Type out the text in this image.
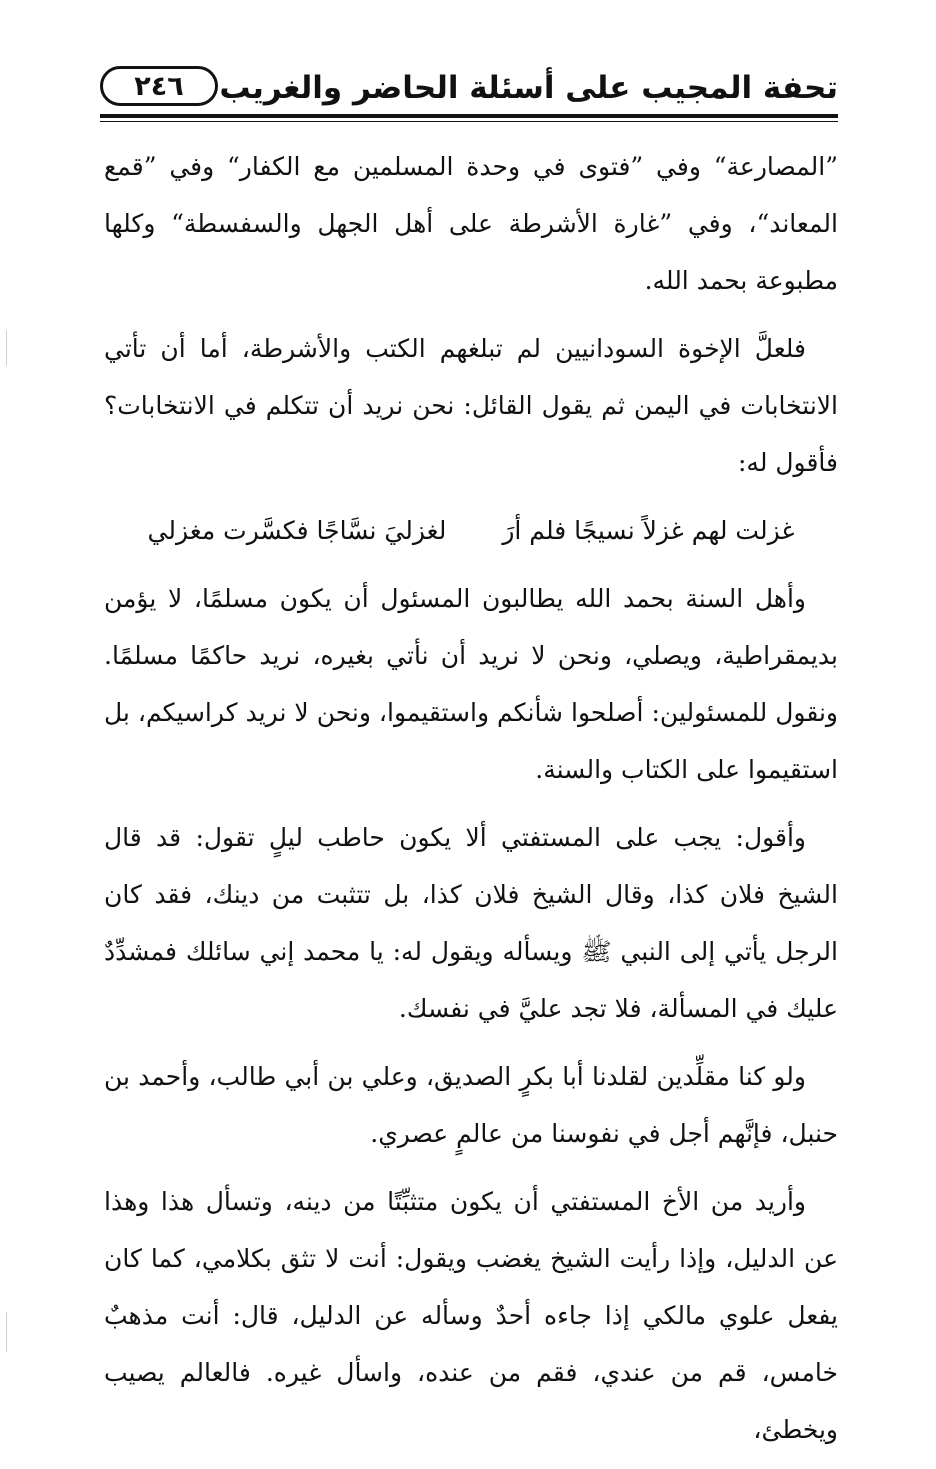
تحفة المجيب على أسئلة الحاضر والغريب
٢٤٦

”المصارعة“ وفي ”فتوى في وحدة المسلمين مع الكفار“ وفي ”قمع المعاند“، وفي ”غارة الأشرطة على أهل الجهل والسفسطة“ وكلها مطبوعة بحمد الله.

فلعلَّ الإخوة السودانيين لم تبلغهم الكتب والأشرطة، أما أن تأتي الانتخابات في اليمن ثم يقول القائل: نحن نريد أن تتكلم في الانتخابات؟ فأقول له:

غزلت لهم غزلاً نسيجًا فلم أرَ
لغزليَ نسَّاجًا فكسَّرت مغزلي

وأهل السنة بحمد الله يطالبون المسئول أن يكون مسلمًا، لا يؤمن بديمقراطية، ويصلي، ونحن لا نريد أن نأتي بغيره، نريد حاكمًا مسلمًا. ونقول للمسئولين: أصلحوا شأنكم واستقيموا، ونحن لا نريد كراسيكم، بل استقيموا على الكتاب والسنة.

وأقول: يجب على المستفتي ألا يكون حاطب ليلٍ تقول: قد قال الشيخ فلان كذا، وقال الشيخ فلان كذا، بل تتثبت من دينك، فقد كان الرجل يأتي إلى النبي ﷺ ويسأله ويقول له: يا محمد إني سائلك فمشدِّدٌ عليك في المسألة، فلا تجد عليَّ في نفسك.

ولو كنا مقلِّدين لقلدنا أبا بكرٍ الصديق، وعلي بن أبي طالب، وأحمد بن حنبل، فإنَّهم أجل في نفوسنا من عالمٍ عصري.

وأريد من الأخ المستفتي أن يكون متثبِّتًا من دينه، وتسأل هذا وهذا عن الدليل، وإذا رأيت الشيخ يغضب ويقول: أنت لا تثق بكلامي، كما كان يفعل علوي مالكي إذا جاءه أحدٌ وسأله عن الدليل، قال: أنت مذهبٌ خامس، قم من عندي، فقم من عنده، واسأل غيره. فالعالم يصيب ويخطئ،
